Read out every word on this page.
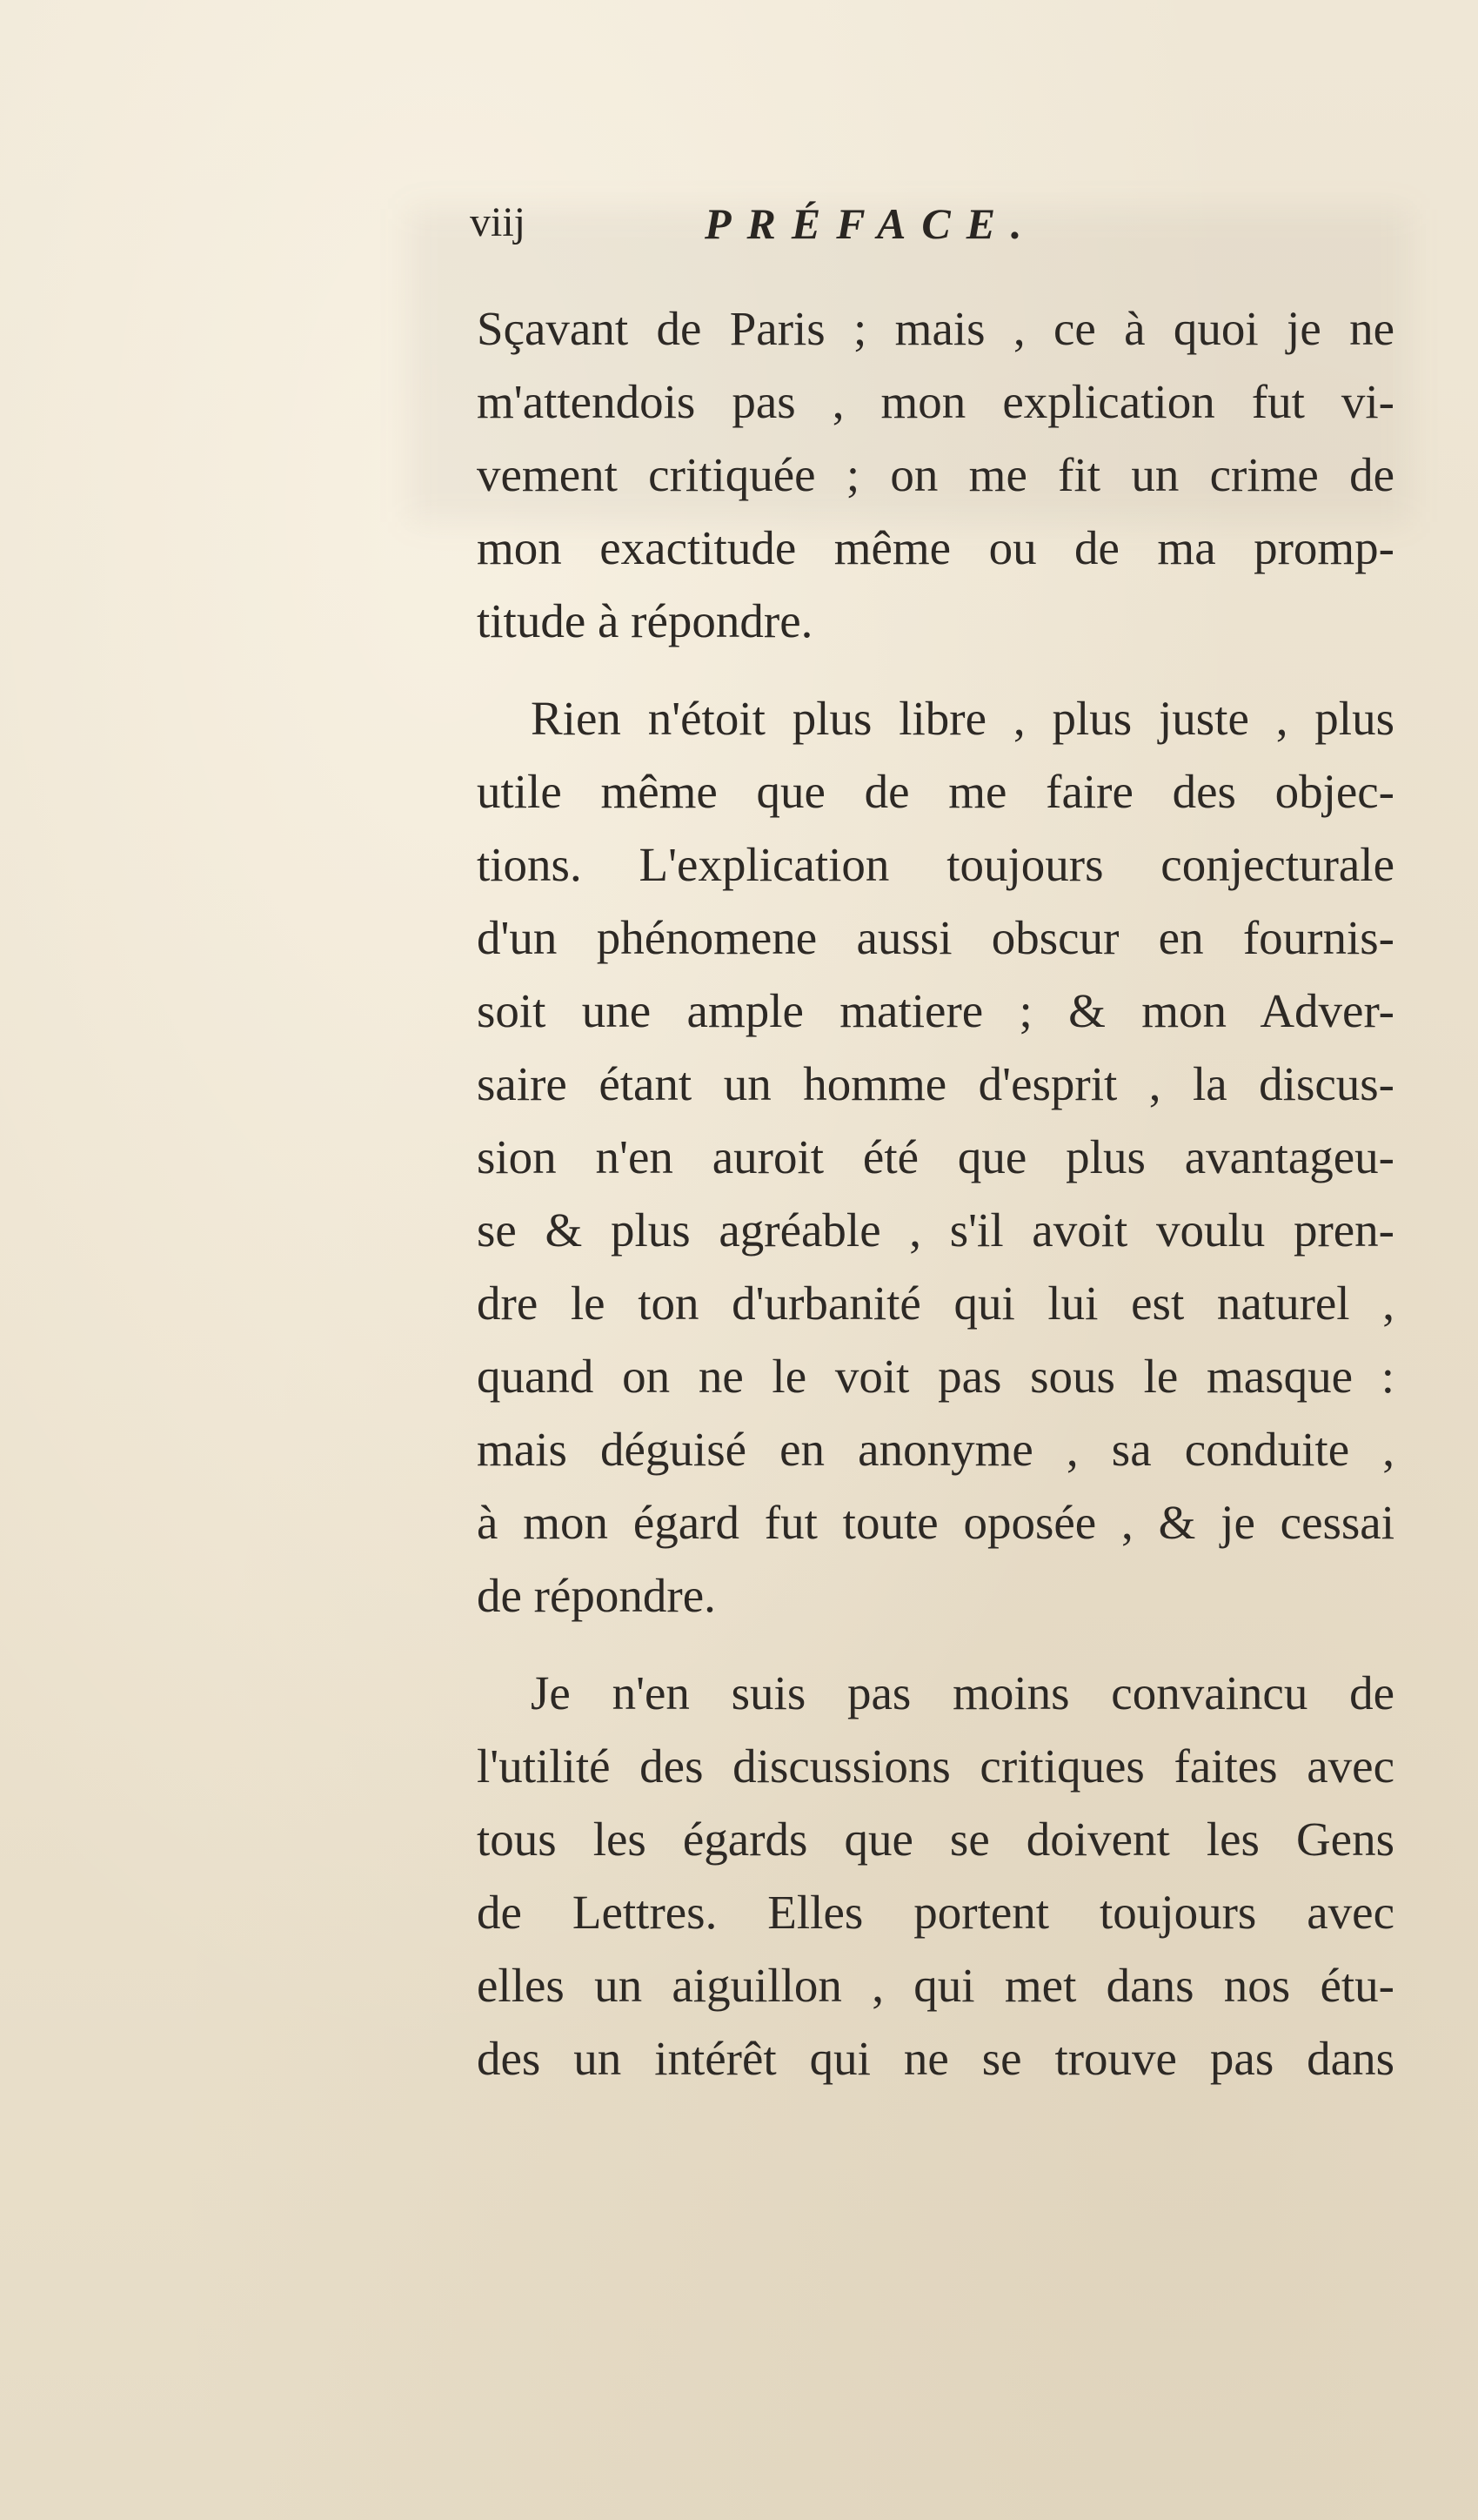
viij	PRÉFACE.
Sçavant de Paris ; mais , ce à quoi je ne
m'attendois pas , mon explication fut vi-
vement critiquée ; on me fit un crime de
mon exactitude même ou de ma promp-
titude à répondre.
Rien n'étoit plus libre , plus juste , plus
utile même que de me faire des objec-
tions. L'explication toujours conjecturale
d'un phénomene aussi obscur en fournis-
soit une ample matiere ; & mon Adver-
saire étant un homme d'esprit , la discus-
sion n'en auroit été que plus avantageu-
se & plus agréable , s'il avoit voulu pren-
dre le ton d'urbanité qui lui est naturel ,
quand on ne le voit pas sous le masque :
mais déguisé en anonyme , sa conduite ,
à mon égard fut toute oposée , & je cessai
de répondre.
Je n'en suis pas moins convaincu de
l'utilité des discussions critiques faites avec
tous les égards que se doivent les Gens
de Lettres. Elles portent toujours avec
elles un aiguillon , qui met dans nos étu-
des un intérêt qui ne se trouve pas dans
